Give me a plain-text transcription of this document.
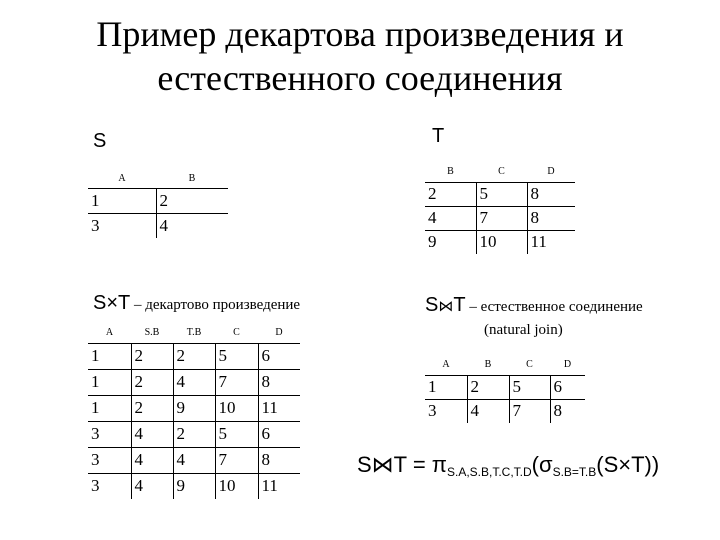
Пример декартова произведения и
естественного соединения
S	T
A	B
1	2
3	4
B	C	D
2	5	8
4	7	8
9	10	11
S×T – декартово произведение
A	S.B	T.B	C	D
1	2	2	5	6
1	2	4	7	8
1	2	9	10	11
3	4	2	5	6
3	4	4	7	8
3	4	9	10	11
S⋈T – естественное соединение
(natural join)
A	B	C	D
1	2	5	6
3	4	7	8
S⋈T = $\pi_{S.A,S.B,T.C,T.D}(\sigma_{S.B=T.B}(S\times T))$
